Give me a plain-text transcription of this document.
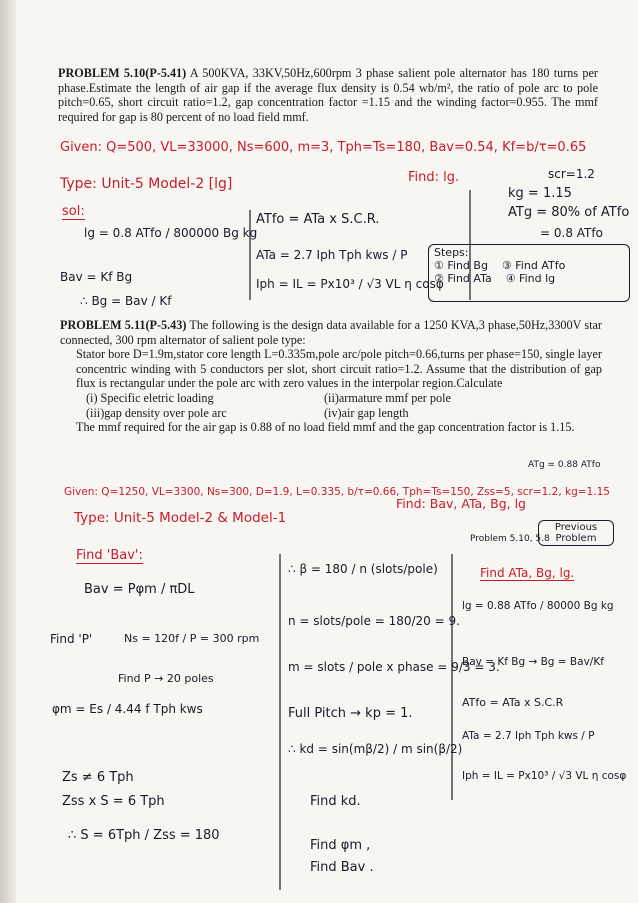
PROBLEM 5.10(P-5.41) A 500KVA, 33KV,50Hz,600rpm 3 phase salient pole alternator has 180 turns per phase.Estimate the length of air gap if the average flux density is 0.54 wb/m², the ratio of pole arc to pole pitch=0.65, short circuit ratio=1.2, gap concentration factor =1.15 and the winding factor=0.955. The mmf required for gap is 80 percent of no load field mmf.
Given: Q=500, VL=33000, Ns=600, m=3, Tph=Ts=180, Bav=0.54, Kf=b/τ=0.65
scr=1.2
Find: lg.
Type: Unit-5 Model-2 [lg]
sol:
lg = 0.8 ATfo / 800000 Bg kg
ATfo = ATa x S.C.R.
ATa = 2.7 Iph Tph kws / P
Iph = IL = Px10³ / √3 VL η cosφ
Bav = Kf Bg
∴ Bg = Bav / Kf
kg = 1.15
ATg = 80% of ATfo
= 0.8 ATfo
Steps:
① Find Bg ③ Find ATfo
② Find ATa ④ Find lg
PROBLEM 5.11(P-5.43) The following is the design data available for a 1250 KVA,3 phase,50Hz,3300V star connected, 300 rpm alternator of salient pole type:
Stator bore D=1.9m,stator core length L=0.335m,pole arc/pole pitch=0.66,turns per phase=150, single layer concentric winding with 5 conductors per slot, short circuit ratio=1.2. Assume that the distribution of gap flux is rectangular under the pole arc with zero values in the interpolar region.Calculate
(i) Specific eletric loading	(ii)armature mmf per pole
(iii)gap density over pole arc	(iv)air gap length
The mmf required for the air gap is 0.88 of no load field mmf and the gap concentration factor is 1.15.
ATg = 0.88 ATfo
Given: Q=1250, VL=3300, Ns=300, D=1.9, L=0.335, b/τ=0.66, Tph=Ts=150, Zss=5, scr=1.2, kg=1.15
Type: Unit-5 Model-2 & Model-1
Find: Bav, ATa, Bg, lg
Previous Problem
Problem 5.10, 5.8
Find 'Bav':
Bav = Pφm / πDL
Find 'P'	Ns = 120f / P = 300 rpm
Find P → 20 poles
φm = Es / 4.44 f Tph kws
Zs ≠ 6 Tph
Zss x S = 6 Tph
∴ S = 6Tph / Zss = 180
∴ β = 180 / n (slots/pole)
n = slots/pole = 180/20 = 9.
m = slots / pole x phase = 9/3 = 3.
Full Pitch → kp = 1.
∴ kd = sin(mβ/2) / m sin(β/2)
Find kd.
Find φm ,
Find Bav .
Find ATa, Bg, lg.
lg = 0.88 ATfo / 80000 Bg kg
Bav = Kf Bg → Bg = Bav/Kf
ATfo = ATa x S.C.R
ATa = 2.7 Iph Tph kws / P
Iph = IL = Px10³ / √3 VL η cosφ
